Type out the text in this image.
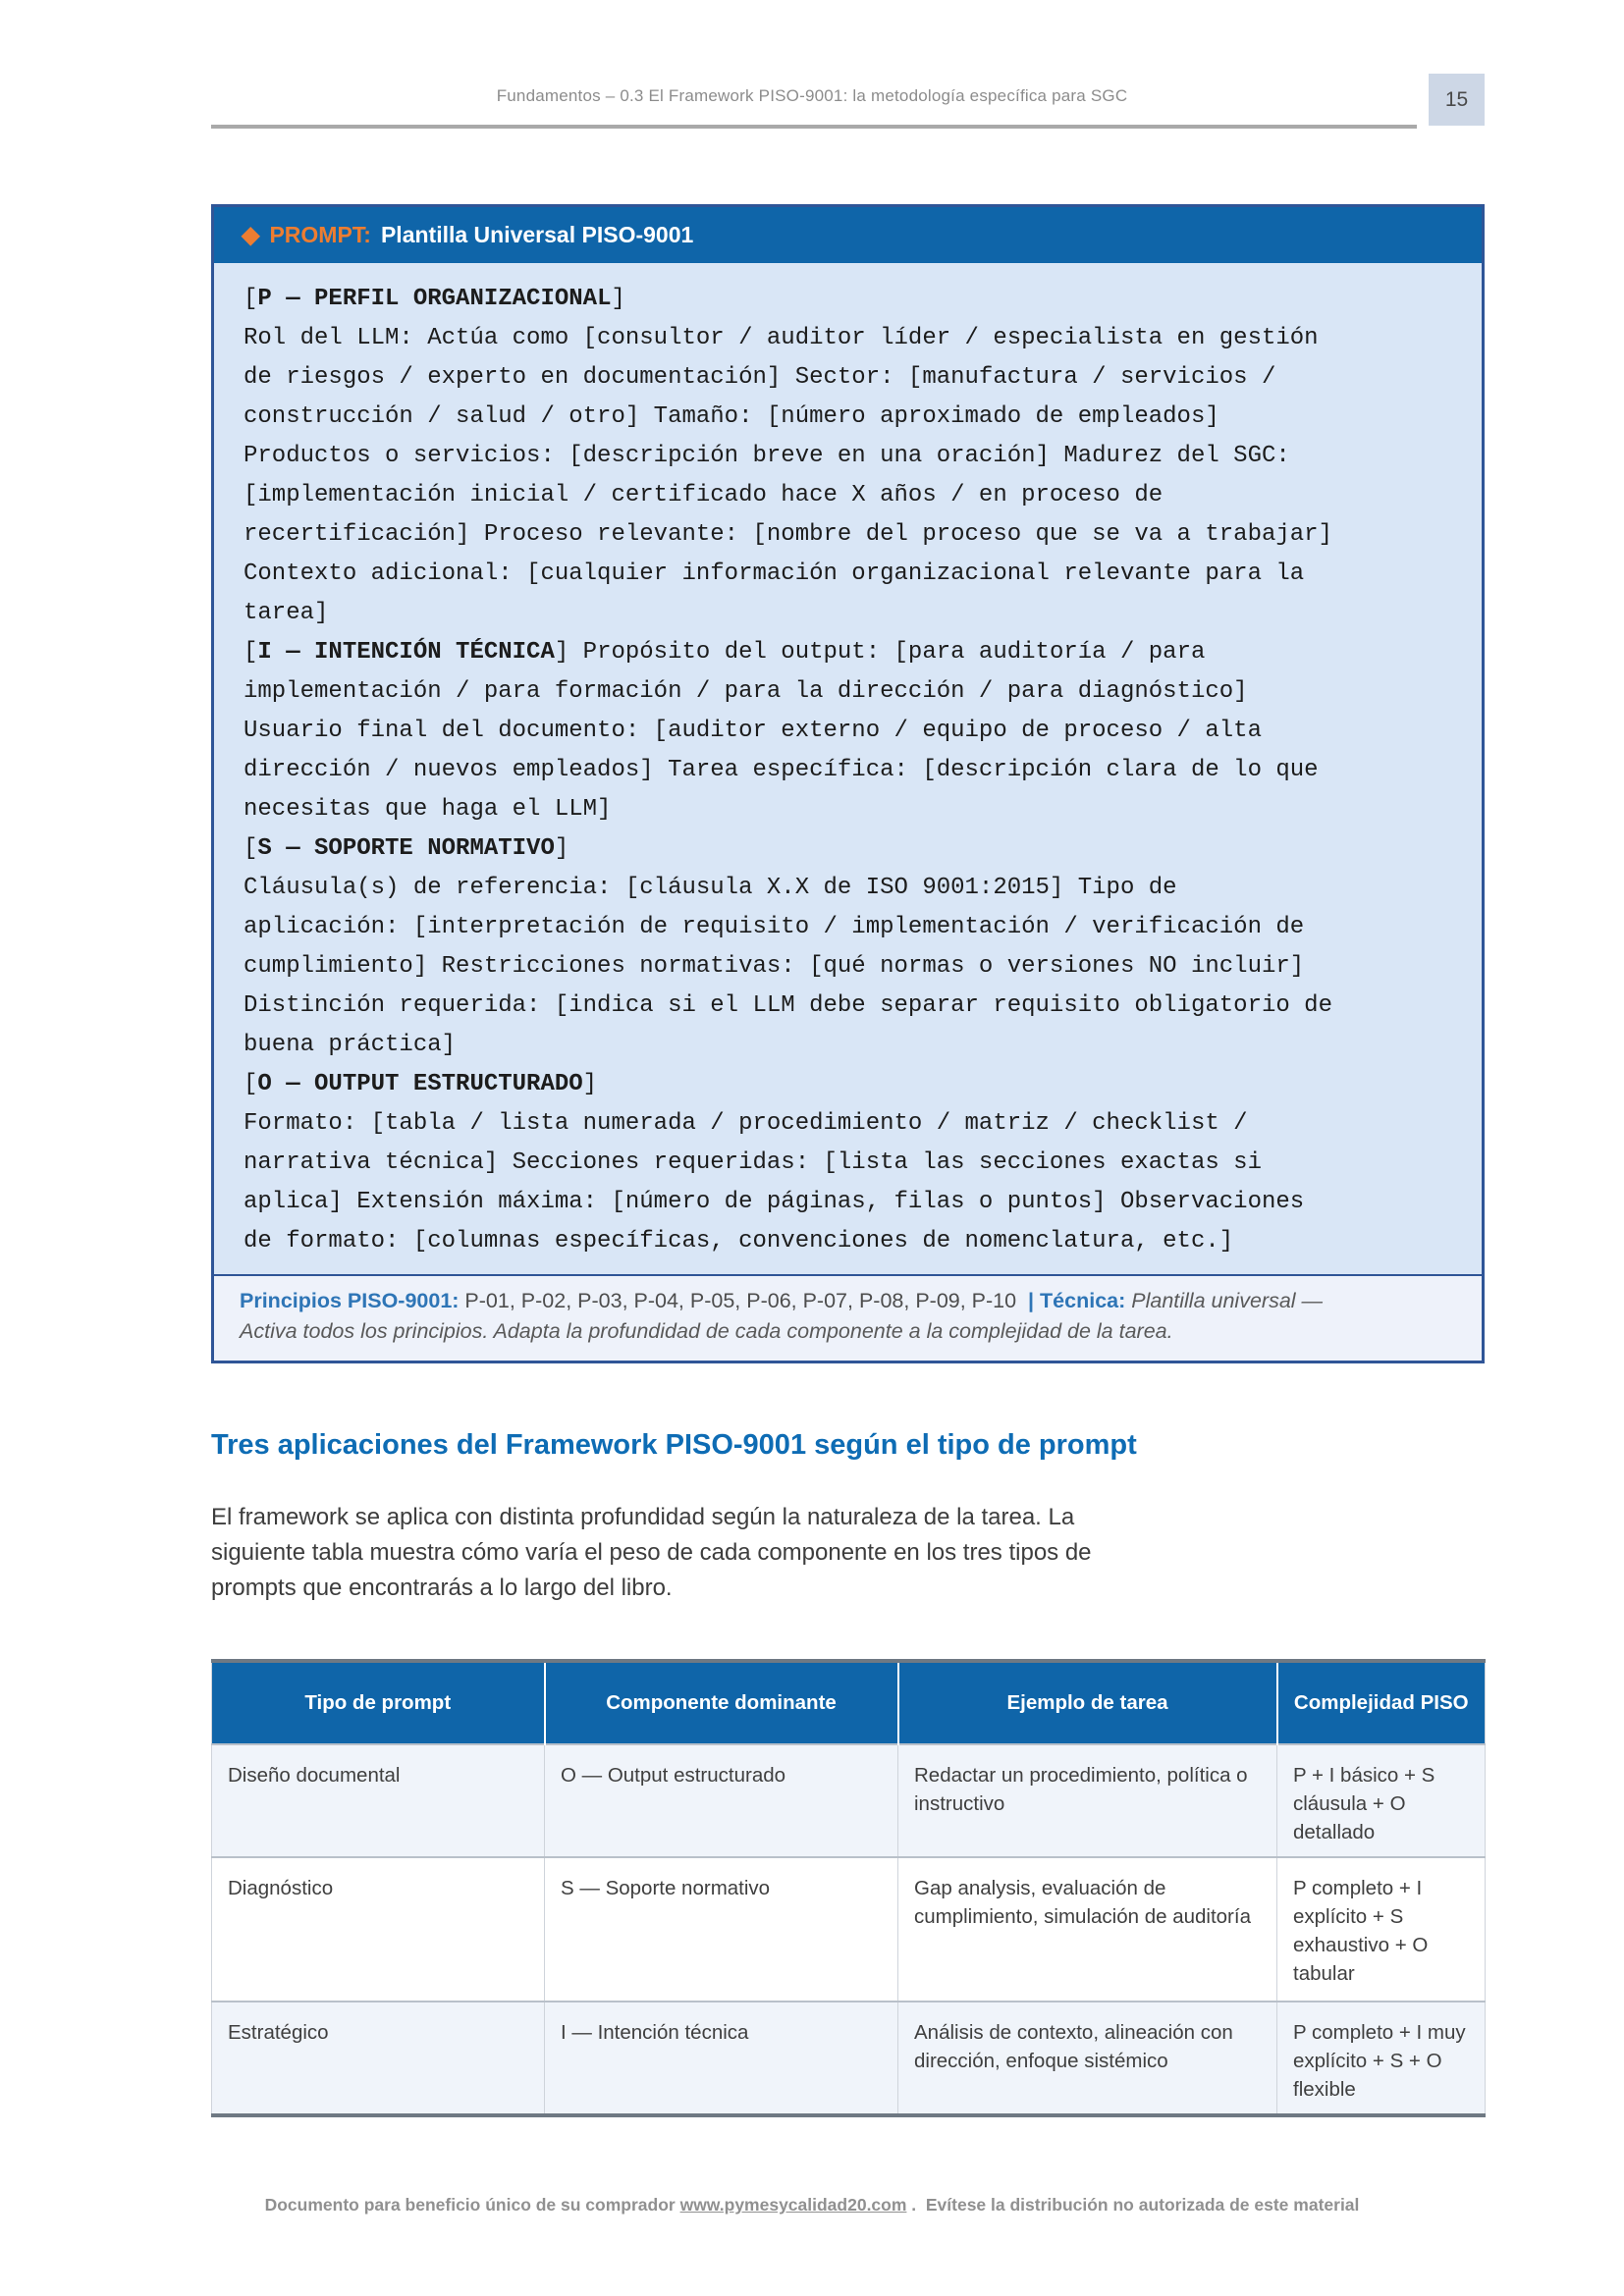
Fundamentos – 0.3 El Framework PISO-9001: la metodología específica para SGC	15
◆ PROMPT: Plantilla Universal PISO-9001
[P — PERFIL ORGANIZACIONAL]
Rol del LLM: Actúa como [consultor / auditor líder / especialista en gestión
de riesgos / experto en documentación] Sector: [manufactura / servicios /
construcción / salud / otro] Tamaño: [número aproximado de empleados]
Productos o servicios: [descripción breve en una oración] Madurez del SGC:
[implementación inicial / certificado hace X años / en proceso de
recertificación] Proceso relevante: [nombre del proceso que se va a trabajar]
Contexto adicional: [cualquier información organizacional relevante para la
tarea]
[I — INTENCIÓN TÉCNICA] Propósito del output: [para auditoría / para
implementación / para formación / para la dirección / para diagnóstico]
Usuario final del documento: [auditor externo / equipo de proceso / alta
dirección / nuevos empleados] Tarea específica: [descripción clara de lo que
necesitas que haga el LLM]
[S — SOPORTE NORMATIVO]
Cláusula(s) de referencia: [cláusula X.X de ISO 9001:2015] Tipo de
aplicación: [interpretación de requisito / implementación / verificación de
cumplimiento] Restricciones normativas: [qué normas o versiones NO incluir]
Distinción requerida: [indica si el LLM debe separar requisito obligatorio de
buena práctica]
[O — OUTPUT ESTRUCTURADO]
Formato: [tabla / lista numerada / procedimiento / matriz / checklist /
narrativa técnica] Secciones requeridas: [lista las secciones exactas si
aplica] Extensión máxima: [número de páginas, filas o puntos] Observaciones
de formato: [columnas específicas, convenciones de nomenclatura, etc.]
Principios PISO-9001: P-01, P-02, P-03, P-04, P-05, P-06, P-07, P-08, P-09, P-10  | Técnica: Plantilla universal — Activa todos los principios. Adapta la profundidad de cada componente a la complejidad de la tarea.
Tres aplicaciones del Framework PISO-9001 según el tipo de prompt
El framework se aplica con distinta profundidad según la naturaleza de la tarea. La
siguiente tabla muestra cómo varía el peso de cada componente en los tres tipos de
prompts que encontrarás a lo largo del libro.
Tipo de prompt	Componente dominante	Ejemplo de tarea	Complejidad PISO
Diseño documental	O — Output estructurado	Redactar un procedimiento, política o instructivo	P + I básico + S cláusula + O detallado
Diagnóstico	S — Soporte normativo	Gap analysis, evaluación de cumplimiento, simulación de auditoría	P completo + I explícito + S exhaustivo + O tabular
Estratégico	I — Intención técnica	Análisis de contexto, alineación con dirección, enfoque sistémico	P completo + I muy explícito + S + O flexible
Documento para beneficio único de su comprador www.pymesycalidad20.com .  Evítese la distribución no autorizada de este material
